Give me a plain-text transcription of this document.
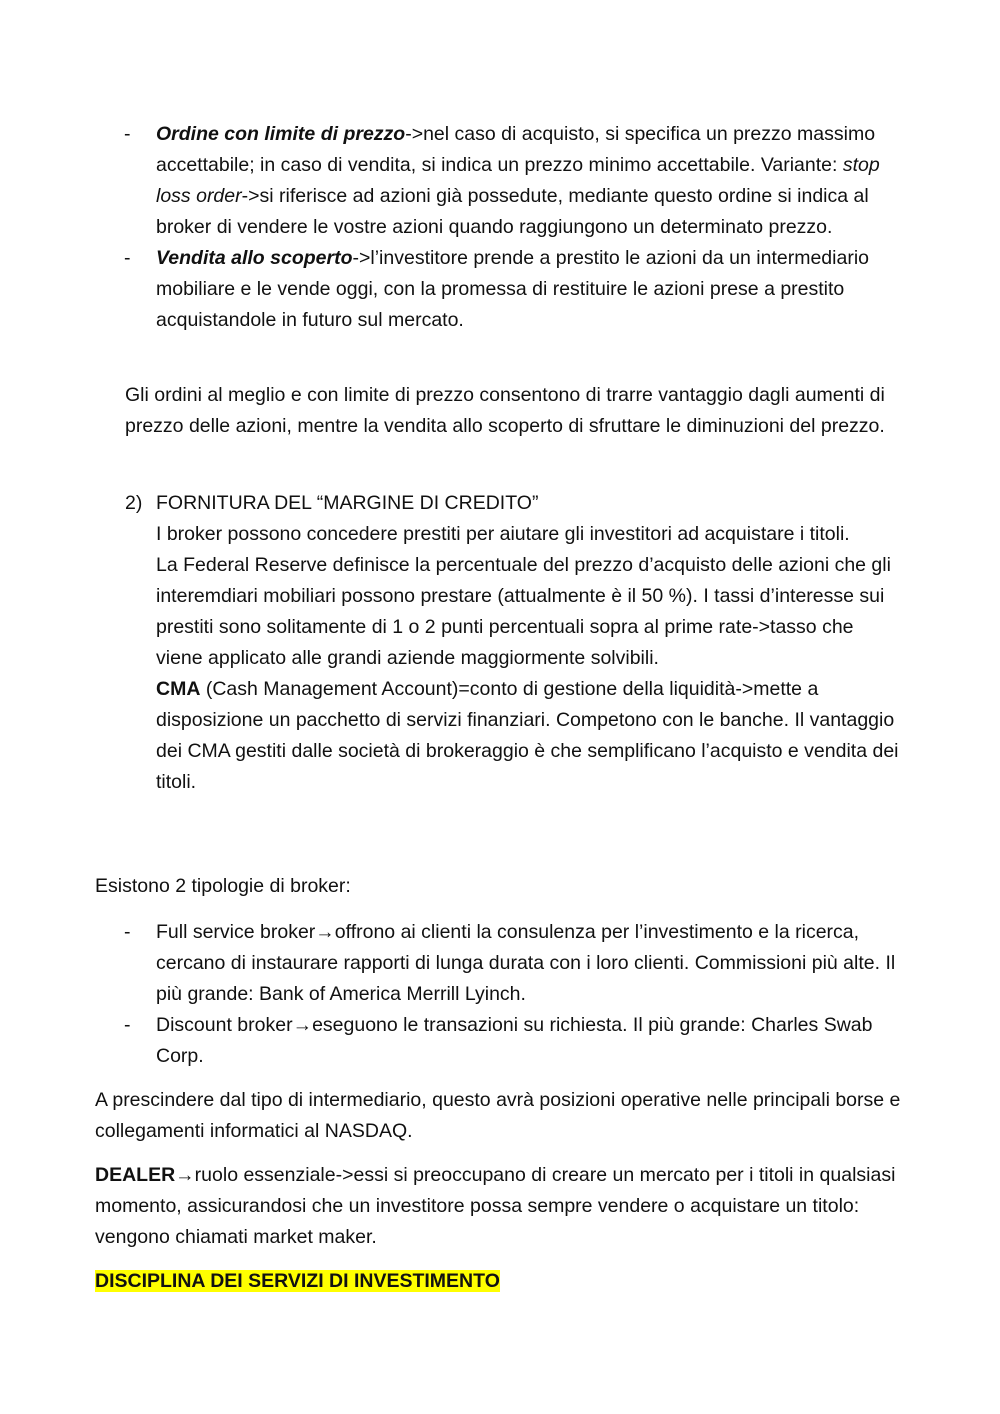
- Ordine con limite di prezzo->nel caso di acquisto, si specifica un prezzo massimo accettabile; in caso di vendita, si indica un prezzo minimo accettabile. Variante: stop loss order->si riferisce ad azioni già possedute, mediante questo ordine si indica al broker di vendere le vostre azioni quando raggiungono un determinato prezzo.
- Vendita allo scoperto->l’investitore prende a prestito le azioni da un intermediario mobiliare e le vende oggi, con la promessa di restituire le azioni prese a prestito acquistandole in futuro sul mercato.

Gli ordini al meglio e con limite di prezzo consentono di trarre vantaggio dagli aumenti di prezzo delle azioni, mentre la vendita allo scoperto di sfruttare le diminuzioni del prezzo.

2) FORNITURA DEL “MARGINE DI CREDITO”

I broker possono concedere prestiti per aiutare gli investitori ad acquistare i titoli.

La Federal Reserve definisce la percentuale del prezzo d’acquisto delle azioni che gli interemdiari mobiliari possono prestare (attualmente è il 50 %). I tassi d’interesse sui prestiti sono solitamente di 1 o 2 punti percentuali sopra al prime rate->tasso che viene applicato alle grandi aziende maggiormente solvibili.

CMA (Cash Management Account)=conto di gestione della liquidità->mette a disposizione un pacchetto di servizi finanziari. Competono con le banche. Il vantaggio dei CMA gestiti dalle società di brokeraggio è che semplificano l’acquisto e vendita dei titoli.

Esistono 2 tipologie di broker:

- Full service broker→offrono ai clienti la consulenza per l’investimento e la ricerca, cercano di instaurare rapporti di lunga durata con i loro clienti. Commissioni più alte. Il più grande: Bank of America Merrill Lyinch.
- Discount broker→eseguono le transazioni su richiesta. Il più grande: Charles Swab Corp.

A prescindere dal tipo di intermediario, questo avrà posizioni operative nelle principali borse e collegamenti informatici al NASDAQ.

DEALER→ruolo essenziale->essi si preoccupano di creare un mercato per i titoli in qualsiasi momento, assicurandosi che un investitore possa sempre vendere o acquistare un titolo: vengono chiamati market maker.

DISCIPLINA DEI SERVIZI DI INVESTIMENTO
